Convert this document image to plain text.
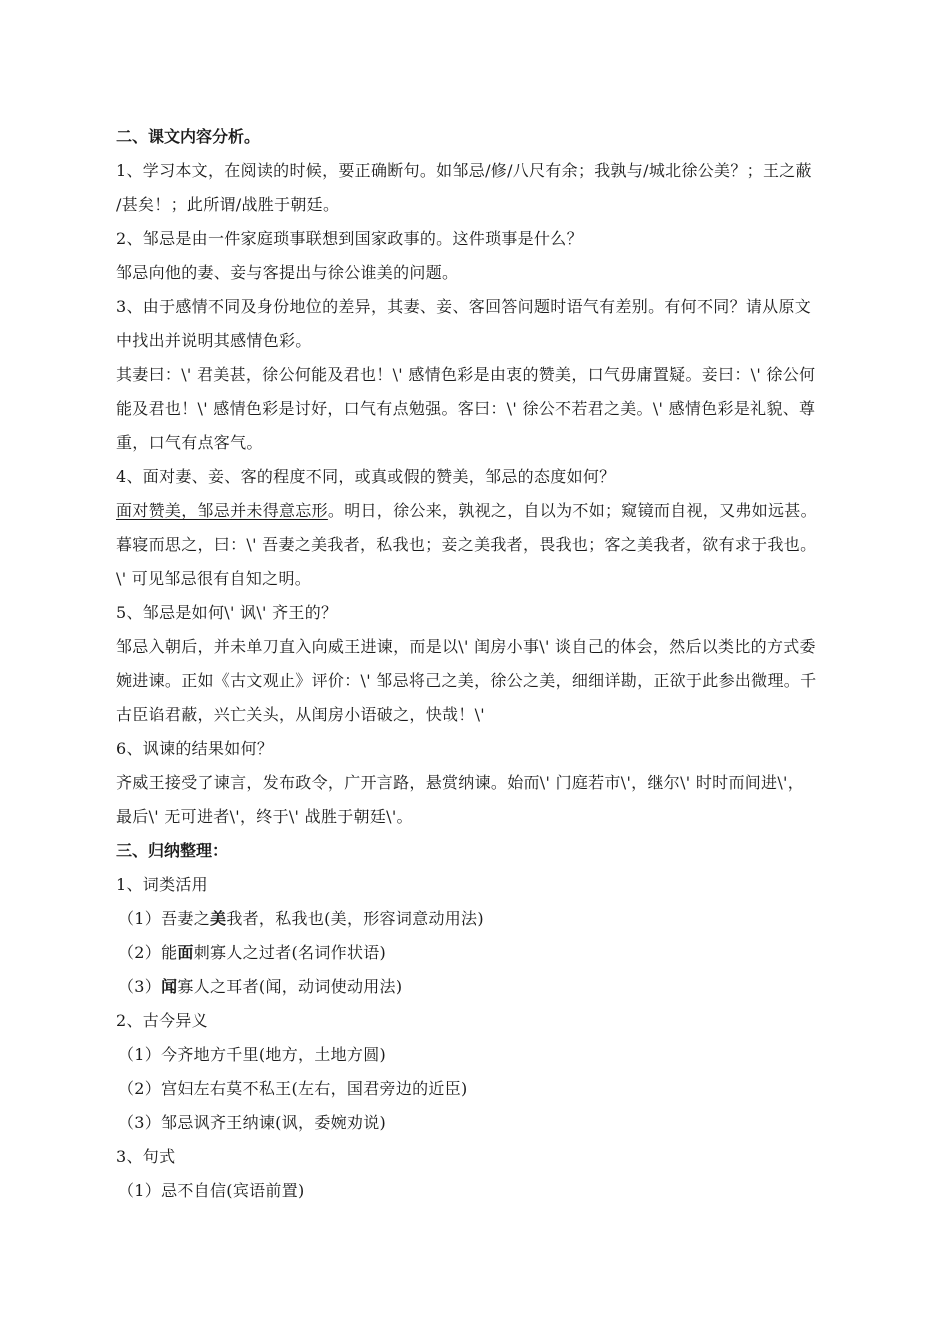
二、课文内容分析。
1、学习本文，在阅读的时候，要正确断句。如邹忌/修/八尺有余；我孰与/城北徐公美？；王之蔽
/甚矣！；此所谓/战胜于朝廷。
2、邹忌是由一件家庭琐事联想到国家政事的。这件琐事是什么？
邹忌向他的妻、妾与客提出与徐公谁美的问题。
3、由于感情不同及身份地位的差异，其妻、妾、客回答问题时语气有差别。有何不同？请从原文
中找出并说明其感情色彩。
其妻曰：\' 君美甚，徐公何能及君也！\' 感情色彩是由衷的赞美，口气毋庸置疑。妾曰：\' 徐公何
能及君也！\' 感情色彩是讨好，口气有点勉强。客曰：\' 徐公不若君之美。\' 感情色彩是礼貌、尊
重，口气有点客气。
4、面对妻、妾、客的程度不同，或真或假的赞美，邹忌的态度如何？
面对赞美，邹忌并未得意忘形。明日，徐公来，孰视之，自以为不如；窥镜而自视，又弗如远甚。
暮寝而思之，曰：\' 吾妻之美我者，私我也；妾之美我者，畏我也；客之美我者，欲有求于我也。
\' 可见邹忌很有自知之明。
5、邹忌是如何\' 讽\' 齐王的？
邹忌入朝后，并未单刀直入向威王进谏，而是以\' 闺房小事\' 谈自己的体会，然后以类比的方式委
婉进谏。正如《古文观止》评价：\' 邹忌将己之美，徐公之美，细细详勘，正欲于此参出微理。千
古臣谄君蔽，兴亡关头，从闺房小语破之，快哉！\'
6、讽谏的结果如何？
齐威王接受了谏言，发布政令，广开言路，悬赏纳谏。始而\' 门庭若市\'，继尔\' 时时而间进\'，
最后\' 无可进者\'，终于\' 战胜于朝廷\'。
三、归纳整理：
1、词类活用
（1）吾妻之美我者，私我也(美，形容词意动用法)
（2）能面刺寡人之过者(名词作状语)
（3）闻寡人之耳者(闻，动词使动用法)
2、古今异义
（1）今齐地方千里(地方，土地方圆)
（2）宫妇左右莫不私王(左右，国君旁边的近臣)
（3）邹忌讽齐王纳谏(讽，委婉劝说)
3、句式
（1）忌不自信(宾语前置)
